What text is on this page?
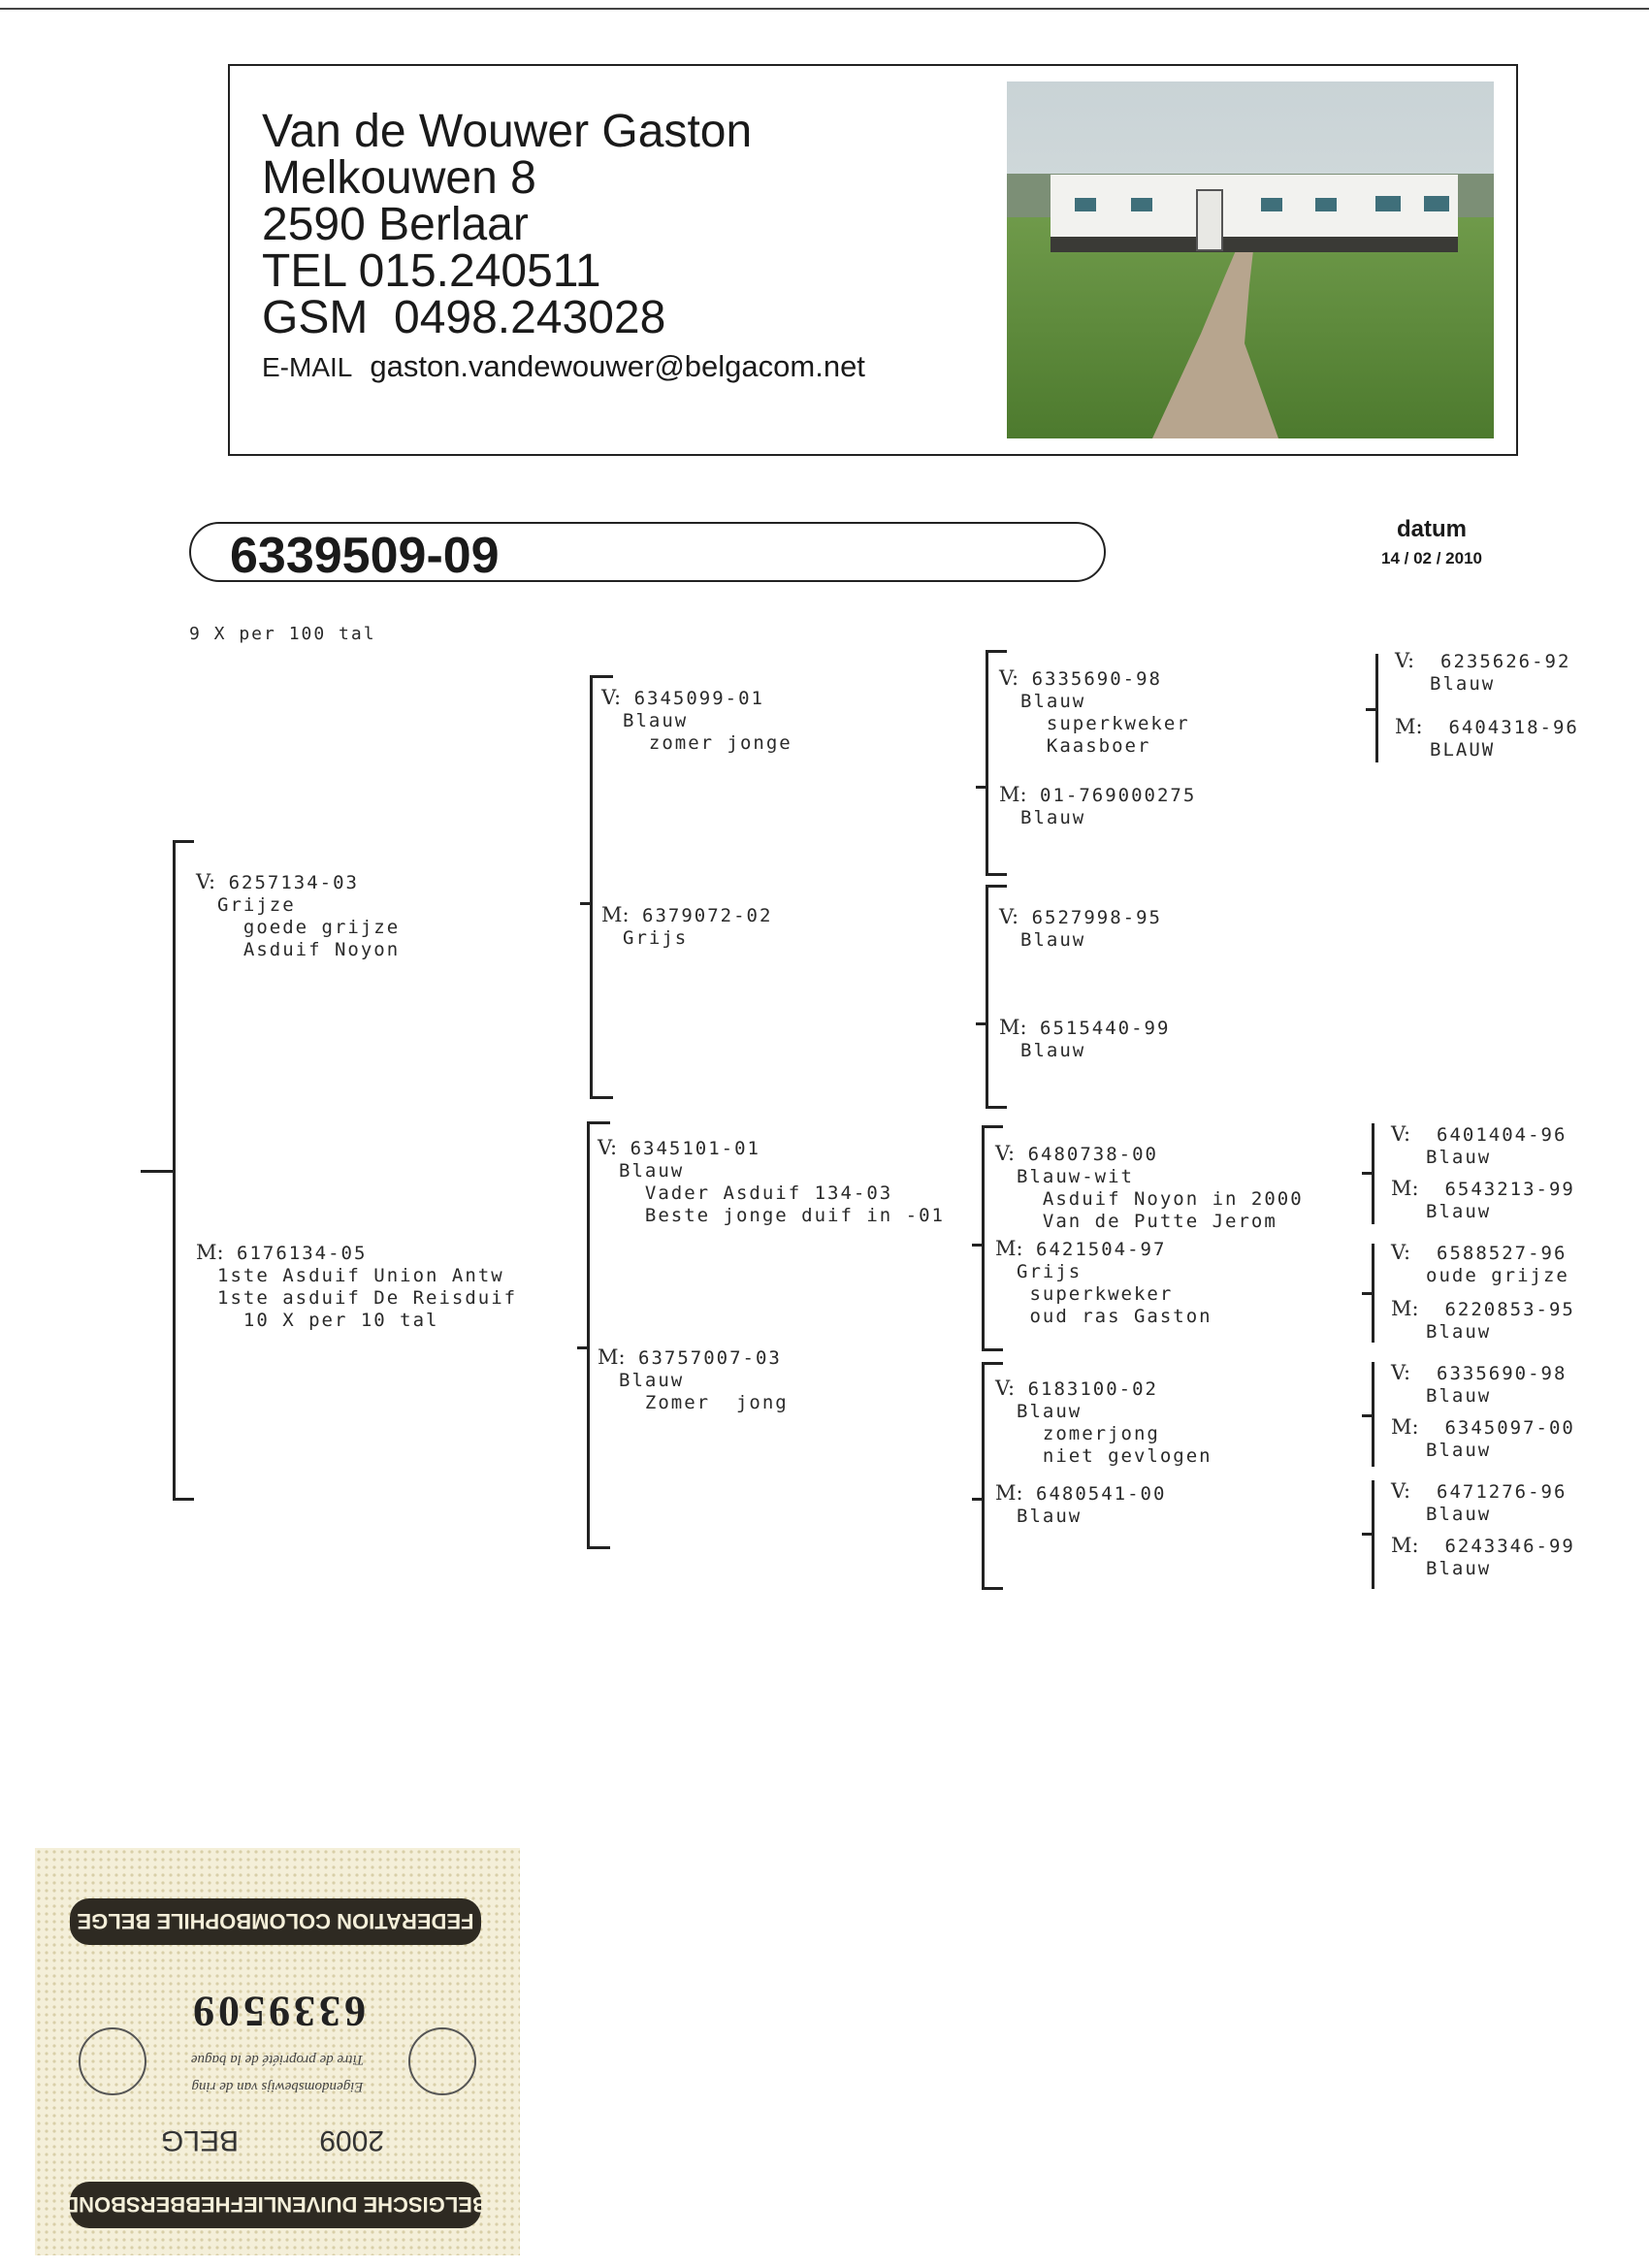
Van de Wouwer Gaston
Melkouwen 8
2590 Berlaar
TEL 015.240511
GSM  0498.243028
E-MAIL gaston.vandewouwer@belgacom.net
6339509-09	datum
14 / 02 / 2010
9 X per 100 tal
V: 6257134-03
Grijze
goede grijze
Asduif Noyon
M: 6176134-05
1ste Asduif Union Antw
1ste asduif De Reisduif
10 X per 10 tal
V: 6345099-01
Blauw
zomer jonge
M: 6379072-02
Grijs
V: 6345101-01
Blauw
Vader Asduif 134-03
Beste jonge duif in -01
M: 63757007-03
Blauw
Zomer  jong
V: 6335690-98
Blauw
superkweker
Kaasboer
M: 01-769000275
Blauw
V: 6527998-95
Blauw
M: 6515440-99
Blauw
V: 6480738-00
Blauw-wit
Asduif Noyon in 2000
Van de Putte Jerom
M: 6421504-97
Grijs
superkweker
oud ras Gaston
V: 6183100-02
Blauw
zomerjong
niet gevlogen
M: 6480541-00
Blauw
V: 6235626-92
Blauw
M: 6404318-96
BLAUW
V: 6401404-96
Blauw
M: 6543213-99
Blauw
V: 6588527-96
oude grijze
M: 6220853-95
Blauw
V: 6335690-98
Blauw
M: 6345097-00
Blauw
V: 6471276-96
Blauw
M: 6243346-99
Blauw
BELGISCHE DUIVENLIEFHEBBERSBOND
2009
BELG
Eigendomsbewijs van de ring
Titre de propriété de la bague
6339509
FEDERATION COLOMBOPHILE BELGE
